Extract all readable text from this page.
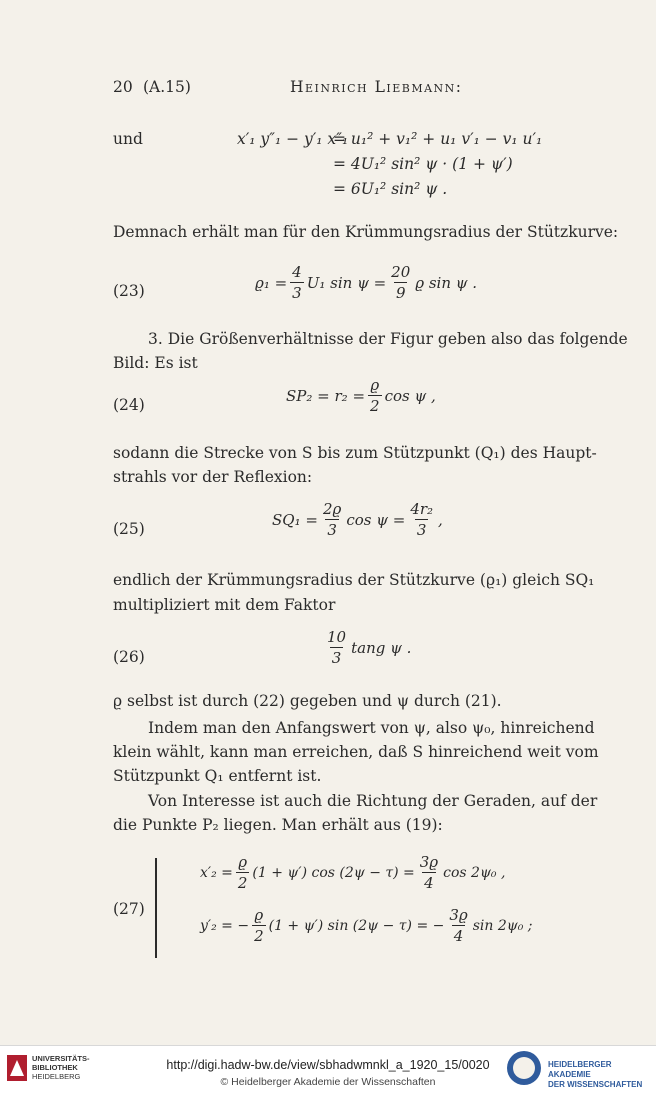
20 (A.15)	Heinrich Liebmann:
und	x′₁ y″₁ − y′₁ x″₁
= u₁² + v₁² + u₁ v′₁ − v₁ u′₁
= 4U₁² sin² ψ · (1 + ψ′)
= 6U₁² sin² ψ .
Demnach erhält man für den Krümmungsradius der Stützkurve:
(23)	$ϱ_1 = \frac{4}{3} U_1$ $\sin \psi = \frac{20}{9}$ ϱ sin ψ .
3. Die Größenverhältnisse der Figur geben also das folgende
Bild: Es ist
(24)
$SP_2 = r_2 = \frac{ϱ}{2}$ cos ψ ,
sodann die Strecke von S bis zum Stützpunkt (Q₁) des Haupt-
strahls vor der Reflexion:
(25)
$SQ_1 = \frac{2ϱ}{3}$ $\cos \psi = \frac{\text{4r₂}}{3}$ ,
endlich der Krümmungsradius der Stützkurve (ϱ₁) gleich SQ₁
multipliziert mit dem Faktor
(26)	$\frac{10}{3}$ tang ψ .
ϱ selbst ist durch (22) gegeben und ψ durch (21).
Indem man den Anfangswert von ψ, also ψ₀, hinreichend
klein wählt, kann man erreichen, daß S hinreichend weit vom
Stützpunkt Q₁ entfernt ist.
Von Interesse ist auch die Richtung der Geraden, auf der
die Punkte P₂ liegen. Man erhält aus (19):
(27)
$x'_2 = \frac{ϱ}{2} (1 + \psi')$ $\cos (2\psi - \tau) = \frac{3ϱ}{4}$ cos 2ψ₀ ,
y′₂ = − $\frac{ϱ}{2} (1 + \psi')$ sin (2ψ − τ) = − $\frac{3ϱ}{4}$ sin 2ψ₀ ;
UNIVERSITÄTS-
BIBLIOTHEK
HEIDELBERG
http://digi.hadw-bw.de/view/sbhadwmnkl_a_1920_15/0020
© Heidelberger Akademie der Wissenschaften
HEIDELBERGER AKADEMIE
DER WISSENSCHAFTEN
